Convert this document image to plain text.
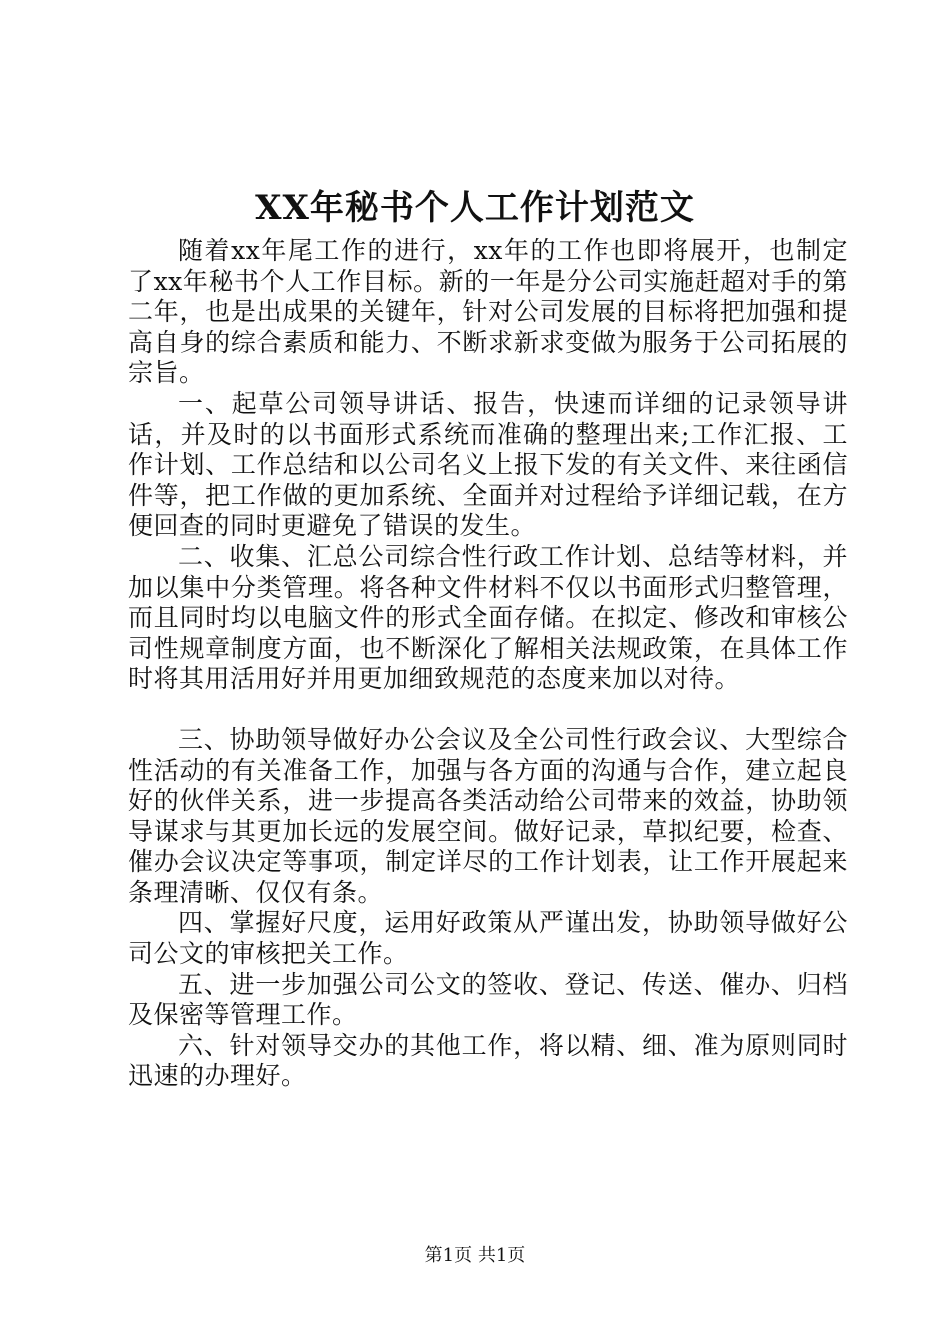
XX年秘书个人工作计划范文

随着xx年尾工作的进行，xx年的工作也即将展开，也制定了xx年秘书个人工作目标。新的一年是分公司实施赶超对手的第二年，也是出成果的关键年，针对公司发展的目标将把加强和提高自身的综合素质和能力、不断求新求变做为服务于公司拓展的宗旨。

一、起草公司领导讲话、报告，快速而详细的记录领导讲话，并及时的以书面形式系统而准确的整理出来;工作汇报、工作计划、工作总结和以公司名义上报下发的有关文件、来往函信件等，把工作做的更加系统、全面并对过程给予详细记载，在方便回查的同时更避免了错误的发生。

二、收集、汇总公司综合性行政工作计划、总结等材料，并加以集中分类管理。将各种文件材料不仅以书面形式归整管理，而且同时均以电脑文件的形式全面存储。在拟定、修改和审核公司性规章制度方面，也不断深化了解相关法规政策，在具体工作时将其用活用好并用更加细致规范的态度来加以对待。

三、协助领导做好办公会议及全公司性行政会议、大型综合性活动的有关准备工作，加强与各方面的沟通与合作，建立起良好的伙伴关系，进一步提高各类活动给公司带来的效益，协助领导谋求与其更加长远的发展空间。做好记录，草拟纪要，检查、催办会议决定等事项，制定详尽的工作计划表，让工作开展起来条理清晰、仅仅有条。

四、掌握好尺度，运用好政策从严谨出发，协助领导做好公司公文的审核把关工作。

五、进一步加强公司公文的签收、登记、传送、催办、归档及保密等管理工作。

六、针对领导交办的其他工作，将以精、细、准为原则同时迅速的办理好。

第1页 共1页
